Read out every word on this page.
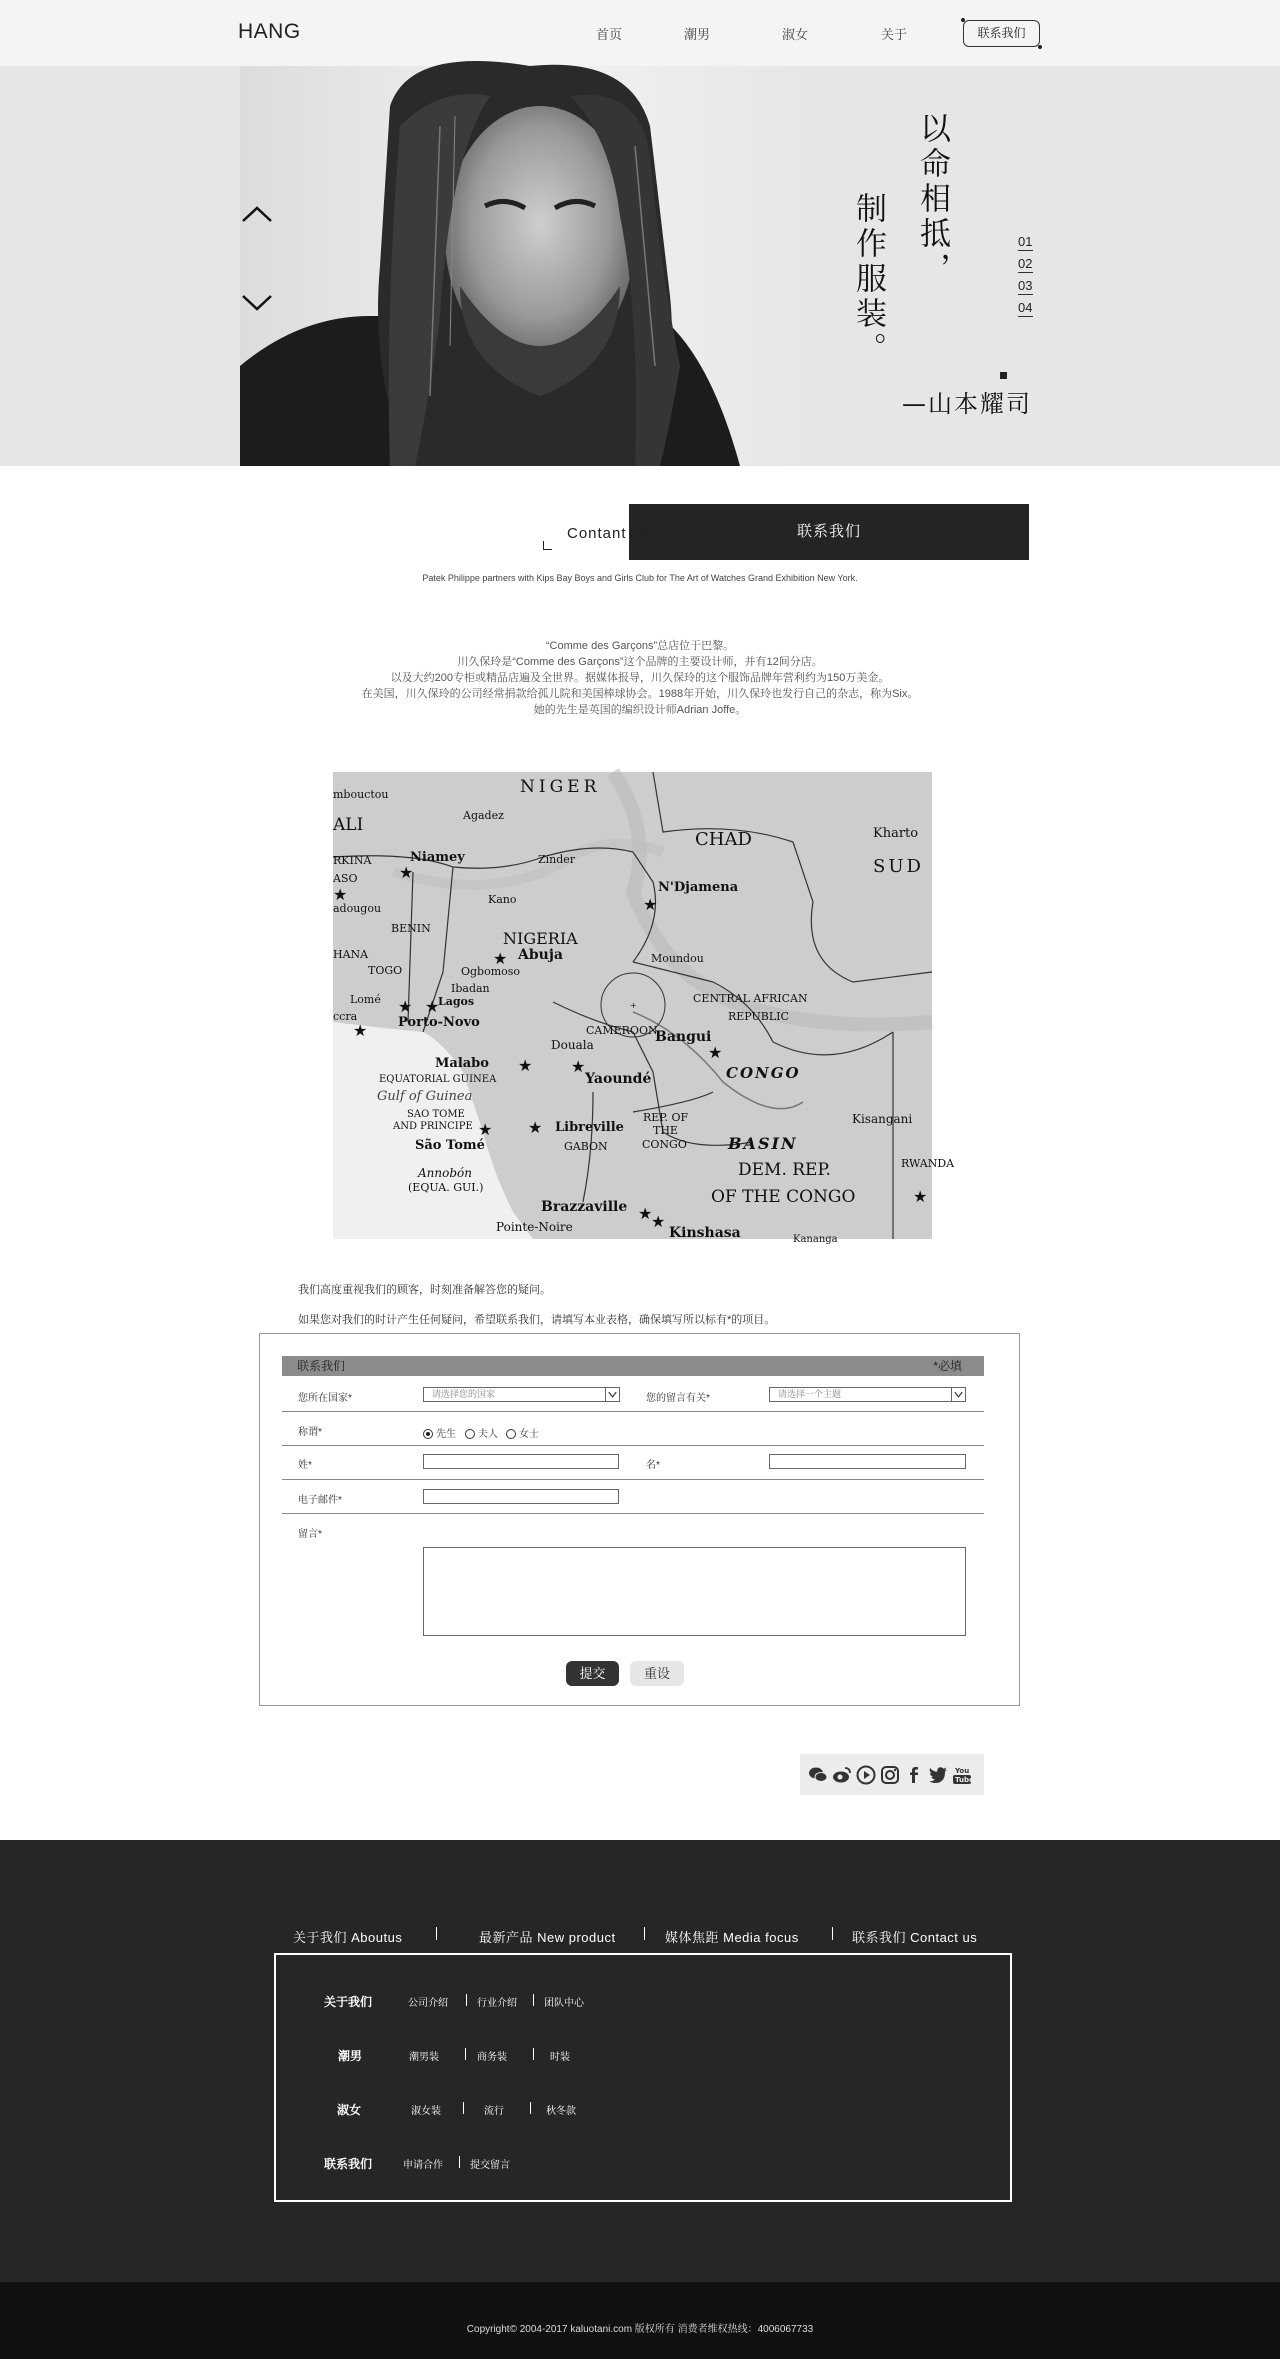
HANG	首页	潮男	淑女	关于	联系我们
以命相抵，
制作服装。
—山本耀司
01
02
03
04
联系我们
Contant US
Patek Philippe partners with Kips Bay Boys and Girls Club for The Art of Watches Grand Exhibition New York.
“Comme des Garçons”总店位于巴黎。
川久保玲是“Comme des Garçons”这个品牌的主要设计师，并有12间分店。
以及大约200专柜或精品店遍及全世界。据媒体报导，川久保玲的这个服饰品牌年营利约为150万美金。
在美国，川久保玲的公司经常捐款给孤儿院和美国棒球协会。1988年开始，川久保玲也发行自己的杂志，称为Six。
她的先生是英国的编织设计师Adrian Joffe。
+
NIGER
CHAD
SUD
Agadez
Zinder
Niamey
Kano
N'Djamena
NIGERIA
Abuja	Moundou
Ogbomoso
Ibadan
Lagos
Lomé
Porto-Novo
CENTRAL AFRICAN
REPUBLIC
CAMEROON
Douala	Bangui
Malabo
EQUATORIAL GUINEA
Gulf of Guinea
Yaoundé	CONGO
SAO TOME
AND PRINCIPE	Libreville
REP. OF
THE
CONGO
Kisangani
GABON
São Tomé	BASIN
RWANDA
DEM. REP.
Annobón
(EQUA. GUI.)	OF THE CONGO
Brazzaville
Pointe-Noire	Kinshasa
BENIN
TOGO
HANA
RKINA
ASO
adougou
ALI
mbouctou
Kharto
ccra
Kananga
★
★
★
★
★
★
★
★ ★
★
★ ★
★
★
★
我们高度重视我们的顾客，时刻准备解答您的疑问。
如果您对我们的时计产生任何疑问，希望联系我们，请填写本业表格，确保填写所以标有*的项目。
联系我们	*必填
您所在国家*	请选择您的国家	您的留言有关*	请选择一个主题
称谓*	先生	夫人	女士
姓*	名*
电子邮件*
留言*
提交	重设
You
Tube
关于我们 Aboutus	最新产品 New product	媒体焦距 Media focus	联系我们 Contact us
关于我们	公司介绍	行业介绍	团队中心
潮男	潮男装	商务装	时装
淑女	淑女装	流行	秋冬款
联系我们	申请合作	提交留言
Copyright© 2004-2017 kaluotani.com 版权所有 消费者维权热线：4006067733
